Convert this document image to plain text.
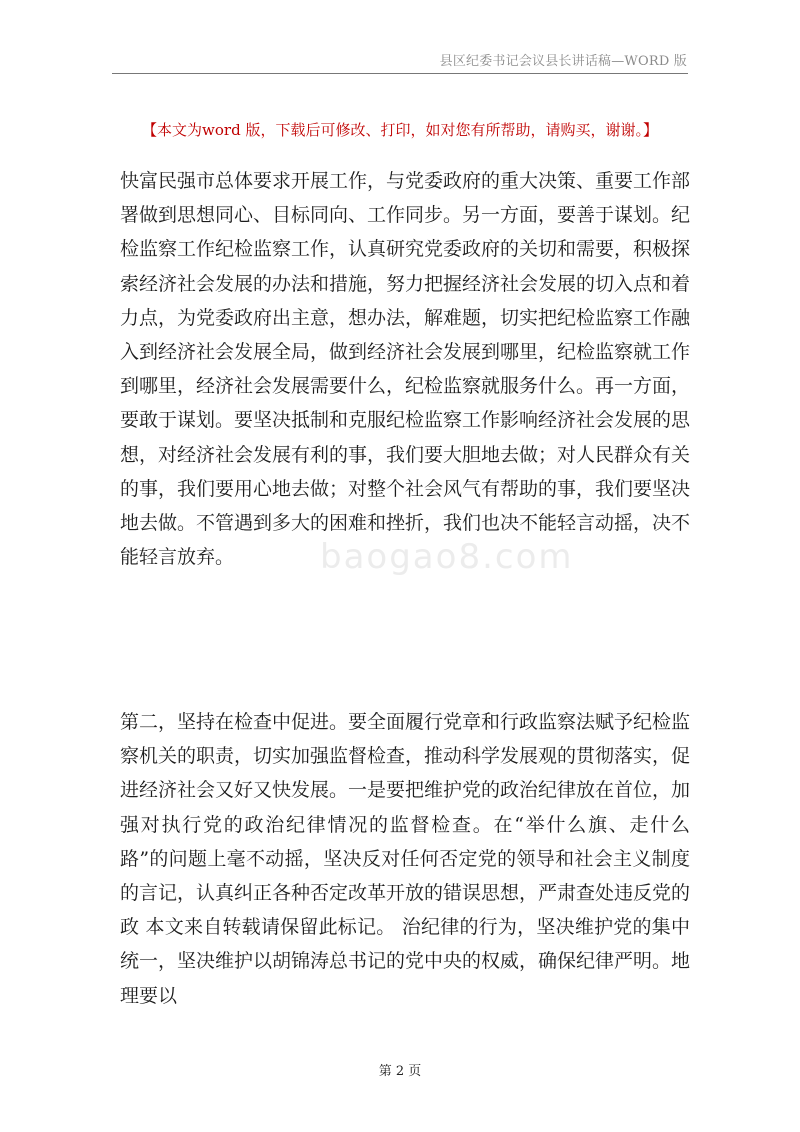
县区纪委书记会议县长讲话稿—WORD 版
【本文为word 版，下载后可修改、打印，如对您有所帮助，请购买，谢谢。】
baogao8.com

快富民强市总体要求开展工作，与党委政府的重大决策、重要工作部署做到思想同心、目标同向、工作同步。另一方面，要善于谋划。纪检监察工作纪检监察工作，认真研究党委政府的关切和需要，积极探索经济社会发展的办法和措施，努力把握经济社会发展的切入点和着力点，为党委政府出主意，想办法，解难题，切实把纪检监察工作融入到经济社会发展全局，做到经济社会发展到哪里，纪检监察就工作到哪里，经济社会发展需要什么，纪检监察就服务什么。再一方面，要敢于谋划。要坚决抵制和克服纪检监察工作影响经济社会发展的思想，对经济社会发展有利的事，我们要大胆地去做；对人民群众有关的事，我们要用心地去做；对整个社会风气有帮助的事，我们要坚决地去做。不管遇到多大的困难和挫折，我们也决不能轻言动摇，决不能轻言放弃。

第二，坚持在检查中促进。要全面履行党章和行政监察法赋予纪检监察机关的职责，切实加强监督检查，推动科学发展观的贯彻落实，促进经济社会又好又快发展。一是要把维护党的政治纪律放在首位，加强对执行党的政治纪律情况的监督检查。在“举什么旗、走什么路”的问题上毫不动摇，坚决反对任何否定党的领导和社会主义制度的言记，认真纠正各种否定改革开放的错误思想，严肃查处违反党的政 本文来自转载请保留此标记。 治纪律的行为，坚决维护党的集中统一，坚决维护以胡锦涛总书记的党中央的权威，确保纪律严明。地理要以

第 2 页
